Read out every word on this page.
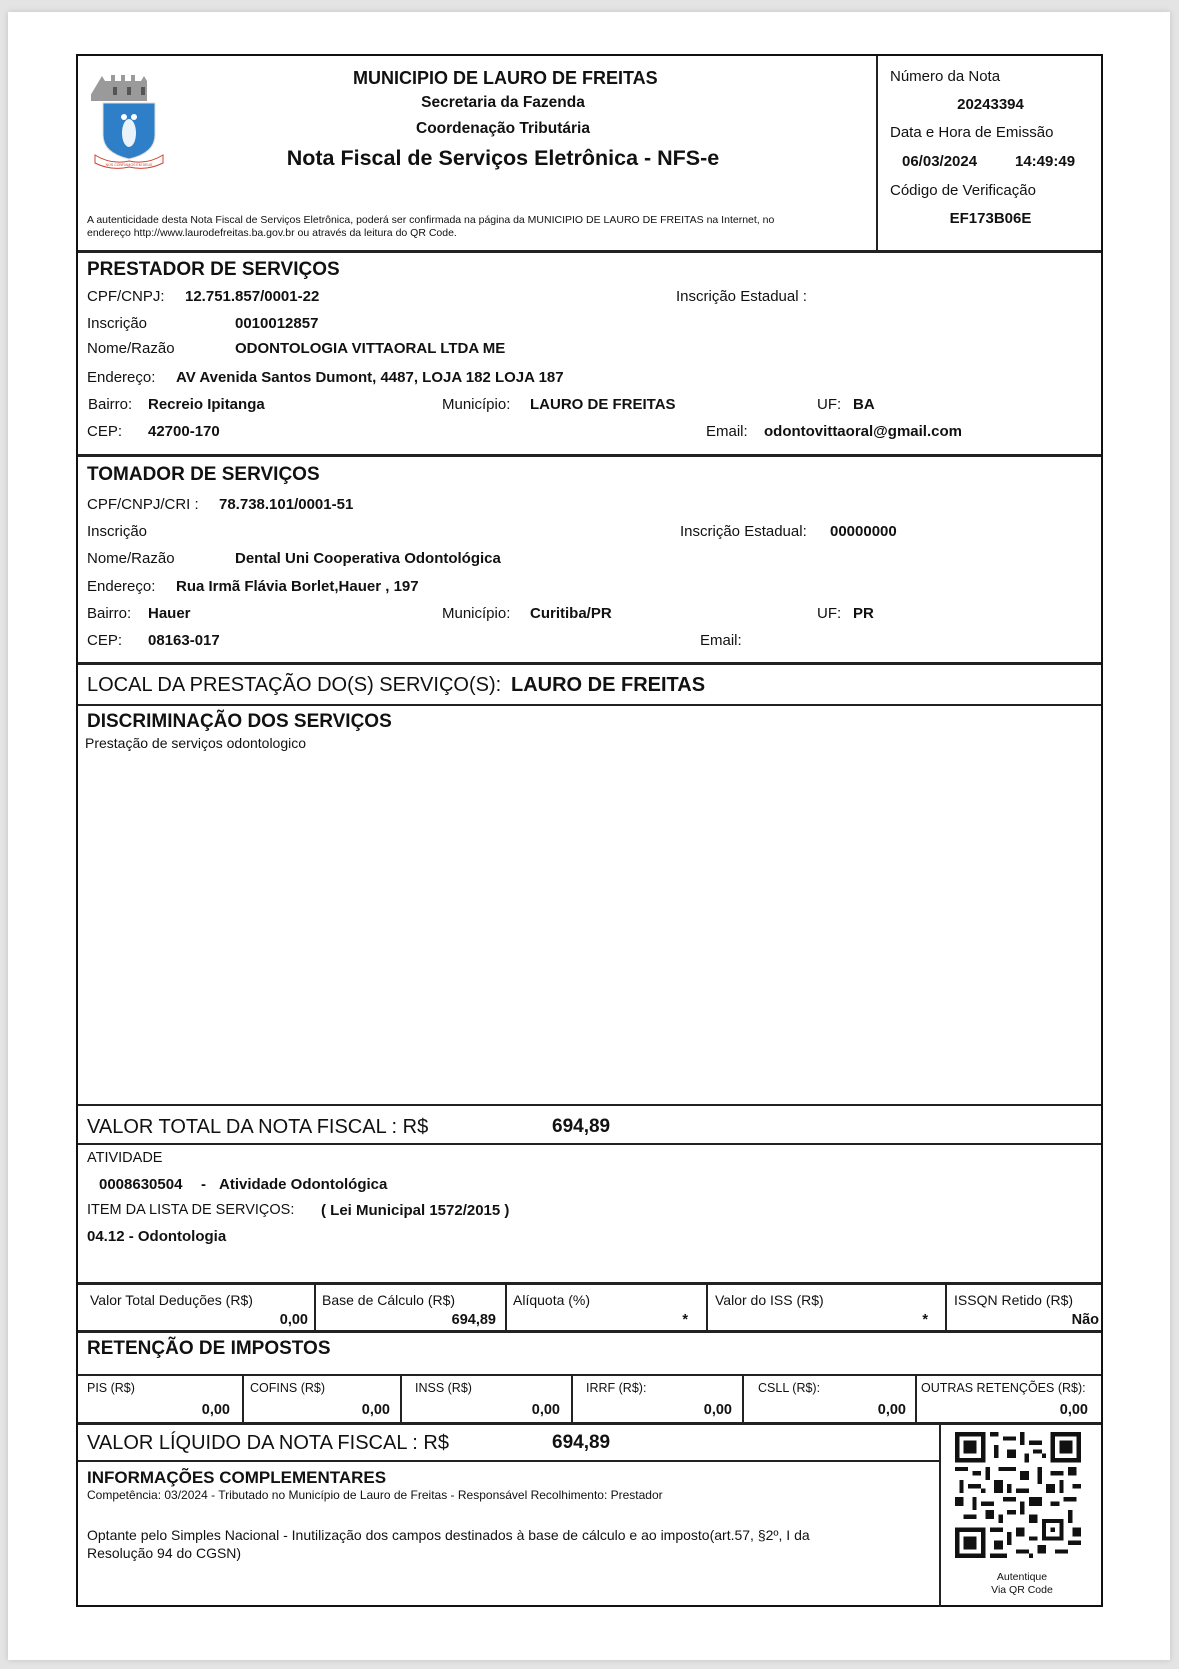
NOS CONFIAMOS EM DEUS
MUNICIPIO DE LAURO DE FREITAS
Secretaria da Fazenda
Coordenação Tributária
Nota Fiscal de Serviços Eletrônica - NFS-e
A autenticidade desta Nota Fiscal de Serviços Eletrônica, poderá ser confirmada na página da MUNICIPIO DE LAURO DE FREITAS na Internet, no
endereço http://www.laurodefreitas.ba.gov.br ou através da leitura do QR Code.
Número da Nota
20243394
Data e Hora de Emissão
06/03/2024	14:49:49
Código de Verificação
EF173B06E
PRESTADOR DE SERVIÇOS
CPF/CNPJ: 12.751.857/0001-22	Inscrição Estadual :
Inscrição	0010012857
Nome/Razão	ODONTOLOGIA VITTAORAL LTDA ME
Endereço: AV Avenida Santos Dumont, 4487, LOJA 182 LOJA 187
Bairro: Recreio Ipitanga	Município: LAURO DE FREITAS	UF: BA
CEP: 42700-170	Email: odontovittaoral@gmail.com
TOMADOR DE SERVIÇOS
CPF/CNPJ/CRI : 78.738.101/0001-51
Inscrição	Inscrição Estadual: 00000000
Nome/Razão	Dental Uni Cooperativa Odontológica
Endereço: Rua Irmã Flávia Borlet,Hauer , 197
Bairro: Hauer	Município: Curitiba/PR	UF: PR
CEP: 08163-017	Email:
LOCAL DA PRESTAÇÃO DO(S) SERVIÇO(S): LAURO DE FREITAS
DISCRIMINAÇÃO DOS SERVIÇOS
Prestação de serviços odontologico
VALOR TOTAL DA NOTA FISCAL : R$	694,89
ATIVIDADE
0008630504 - Atividade Odontológica
ITEM DA LISTA DE SERVIÇOS: ( Lei Municipal 1572/2015 )
04.12 - Odontologia
Valor Total Deduções (R$)
0,00
Base de Cálculo (R$)
694,89
Alíquota (%)
*
Valor do ISS (R$)
*
ISSQN Retido (R$)
Não
RETENÇÃO DE IMPOSTOS
PIS (R$)
0,00
COFINS (R$)
0,00
INSS (R$)
0,00
IRRF (R$):
0,00
CSLL (R$):
0,00
OUTRAS RETENÇÕES (R$):
0,00
VALOR LÍQUIDO DA NOTA FISCAL : R$	694,89
INFORMAÇÕES COMPLEMENTARES
Competência: 03/2024 - Tributado no Município de Lauro de Freitas - Responsável Recolhimento: Prestador
Optante pelo Simples Nacional - Inutilização dos campos destinados à base de cálculo e ao imposto(art.57, §2º, I da
Resolução 94 do CGSN)
Autentique
Via QR Code
